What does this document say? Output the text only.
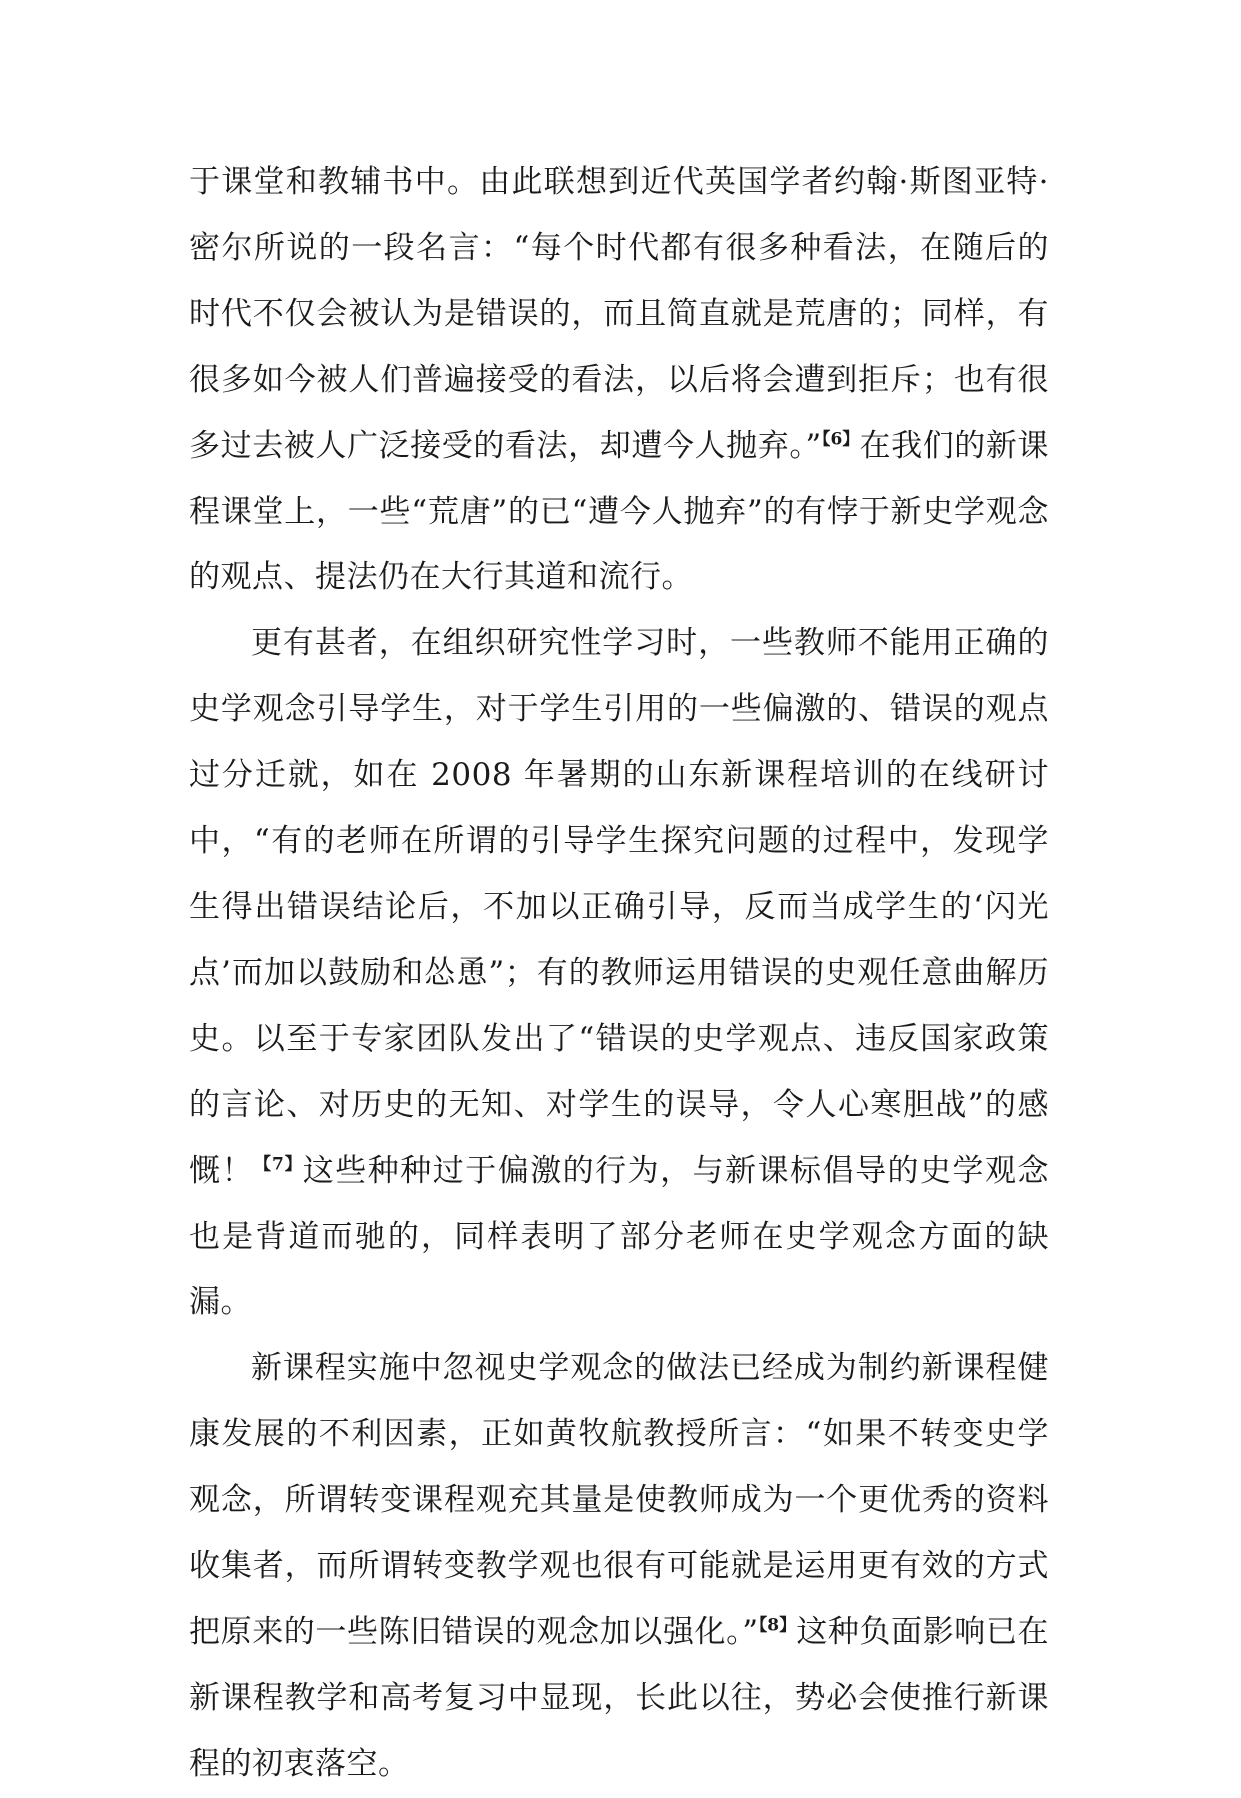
于课堂和教辅书中。由此联想到近代英国学者约翰·斯图亚特·密尔所说的一段名言：“每个时代都有很多种看法，在随后的时代不仅会被认为是错误的，而且简直就是荒唐的；同样，有很多如今被人们普遍接受的看法，以后将会遭到拒斥；也有很多过去被人广泛接受的看法，却遭今人抛弃。”$^{【6】}$在我们的新课程课堂上，一些“荒唐”的已“遭今人抛弃”的有悖于新史学观念的观点、提法仍在大行其道和流行。

更有甚者，在组织研究性学习时，一些教师不能用正确的史学观念引导学生，对于学生引用的一些偏激的、错误的观点过分迁就，如在 2008 年暑期的山东新课程培训的在线研讨中，“有的老师在所谓的引导学生探究问题的过程中，发现学生得出错误结论后，不加以正确引导，反而当成学生的‘闪光点’而加以鼓励和怂恿”；有的教师运用错误的史观任意曲解历史。以至于专家团队发出了“错误的史学观点、违反国家政策的言论、对历史的无知、对学生的误导，令人心寒胆战”的感慨！$^{【7】}$这些种种过于偏激的行为，与新课标倡导的史学观念也是背道而驰的，同样表明了部分老师在史学观念方面的缺漏。

新课程实施中忽视史学观念的做法已经成为制约新课程健康发展的不利因素，正如黄牧航教授所言：“如果不转变史学观念，所谓转变课程观充其量是使教师成为一个更优秀的资料收集者，而所谓转变教学观也很有可能就是运用更有效的方式把原来的一些陈旧错误的观念加以强化。”$^{【8】}$这种负面影响已在新课程教学和高考复习中显现，长此以往，势必会使推行新课程的初衷落空。
